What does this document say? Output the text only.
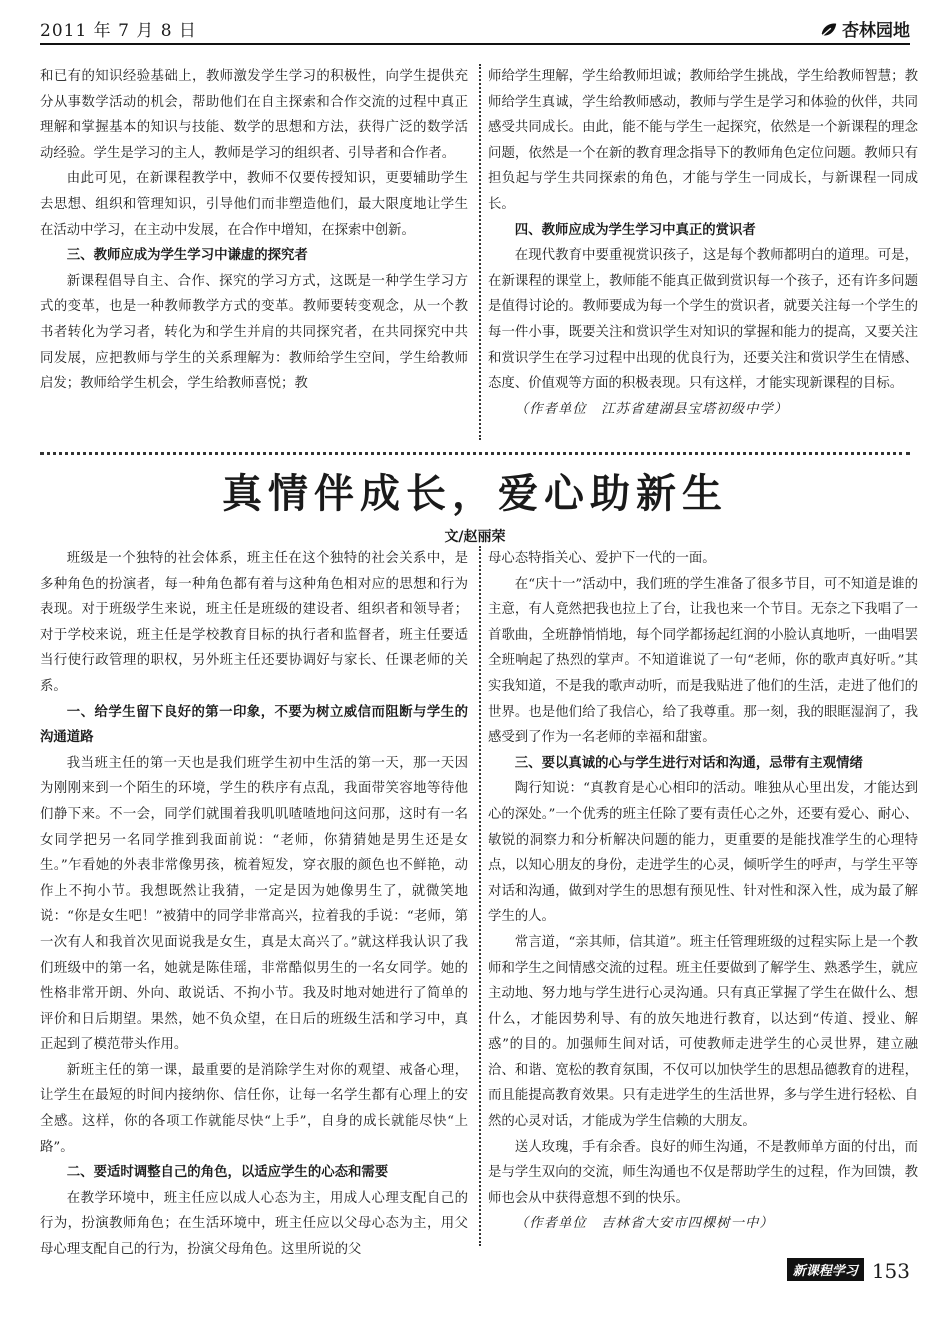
2011 年 7 月 8 日	杏林园地

和已有的知识经验基础上，教师激发学生学习的积极性，向学生提供充分从事数学活动的机会，帮助他们在自主探索和合作交流的过程中真正理解和掌握基本的知识与技能、数学的思想和方法，获得广泛的数学活动经验。学生是学习的主人，教师是学习的组织者、引导者和合作者。

由此可见，在新课程教学中，教师不仅要传授知识，更要辅助学生去思想、组织和管理知识，引导他们而非塑造他们，最大限度地让学生在活动中学习，在主动中发展，在合作中增知，在探索中创新。

三、教师应成为学生学习中谦虚的探究者

新课程倡导自主、合作、探究的学习方式，这既是一种学生学习方式的变革，也是一种教师教学方式的变革。教师要转变观念，从一个教书者转化为学习者，转化为和学生并肩的共同探究者，在共同探究中共同发展，应把教师与学生的关系理解为：教师给学生空间，学生给教师启发；教师给学生机会，学生给教师喜悦；教

师给学生理解，学生给教师坦诚；教师给学生挑战，学生给教师智慧；教师给学生真诚，学生给教师感动，教师与学生是学习和体验的伙伴，共同感受共同成长。由此，能不能与学生一起探究，依然是一个新课程的理念问题，依然是一个在新的教育理念指导下的教师角色定位问题。教师只有担负起与学生共同探索的角色，才能与学生一同成长，与新课程一同成长。

四、教师应成为学生学习中真正的赏识者

在现代教育中要重视赏识孩子，这是每个教师都明白的道理。可是，在新课程的课堂上，教师能不能真正做到赏识每一个孩子，还有许多问题是值得讨论的。教师要成为每一个学生的赏识者，就要关注每一个学生的每一件小事，既要关注和赏识学生对知识的掌握和能力的提高，又要关注和赏识学生在学习过程中出现的优良行为，还要关注和赏识学生在情感、态度、价值观等方面的积极表现。只有这样，才能实现新课程的目标。

（作者单位　江苏省建湖县宝塔初级中学）

真情伴成长，爱心助新生
文/赵丽荣

班级是一个独特的社会体系，班主任在这个独特的社会关系中，是多种角色的扮演者，每一种角色都有着与这种角色相对应的思想和行为表现。对于班级学生来说，班主任是班级的建设者、组织者和领导者；对于学校来说，班主任是学校教育目标的执行者和监督者，班主任要适当行使行政管理的职权，另外班主任还要协调好与家长、任课老师的关系。

一、给学生留下良好的第一印象，不要为树立威信而阻断与学生的沟通道路

我当班主任的第一天也是我们班学生初中生活的第一天，那一天因为刚刚来到一个陌生的环境，学生的秩序有点乱，我面带笑容地等待他们静下来。不一会，同学们就围着我叽叽喳喳地问这问那，这时有一名女同学把另一名同学推到我面前说：“老师，你猜猜她是男生还是女生。”乍看她的外表非常像男孩，梳着短发，穿衣服的颜色也不鲜艳，动作上不拘小节。我想既然让我猜，一定是因为她像男生了，就微笑地说：“你是女生吧！”被猜中的同学非常高兴，拉着我的手说：“老师，第一次有人和我首次见面说我是女生，真是太高兴了。”就这样我认识了我们班级中的第一名，她就是陈佳瑶，非常酷似男生的一名女同学。她的性格非常开朗、外向、敢说话、不拘小节。我及时地对她进行了简单的评价和日后期望。果然，她不负众望，在日后的班级生活和学习中，真正起到了模范带头作用。

新班主任的第一课，最重要的是消除学生对你的观望、戒备心理，让学生在最短的时间内接纳你、信任你，让每一名学生都有心理上的安全感。这样，你的各项工作就能尽快“上手”，自身的成长就能尽快“上路”。

二、要适时调整自己的角色，以适应学生的心态和需要

在教学环境中，班主任应以成人心态为主，用成人心理支配自己的行为，扮演教师角色；在生活环境中，班主任应以父母心态为主，用父母心理支配自己的行为，扮演父母角色。这里所说的父

母心态特指关心、爱护下一代的一面。

在“庆十一”活动中，我们班的学生准备了很多节目，可不知道是谁的主意，有人竟然把我也拉上了台，让我也来一个节目。无奈之下我唱了一首歌曲，全班静悄悄地，每个同学都扬起红润的小脸认真地听，一曲唱罢全班响起了热烈的掌声。不知道谁说了一句“老师，你的歌声真好听。”其实我知道，不是我的歌声动听，而是我贴进了他们的生活，走进了他们的世界。也是他们给了我信心，给了我尊重。那一刻，我的眼眶湿润了，我感受到了作为一名老师的幸福和甜蜜。

三、要以真诚的心与学生进行对话和沟通，忌带有主观情绪

陶行知说：“真教育是心心相印的活动。唯独从心里出发，才能达到心的深处。”一个优秀的班主任除了要有责任心之外，还要有爱心、耐心、敏锐的洞察力和分析解决问题的能力，更重要的是能找准学生的心理特点，以知心朋友的身份，走进学生的心灵，倾听学生的呼声，与学生平等对话和沟通，做到对学生的思想有预见性、针对性和深入性，成为最了解学生的人。

常言道，“亲其师，信其道”。班主任管理班级的过程实际上是一个教师和学生之间情感交流的过程。班主任要做到了解学生、熟悉学生，就应主动地、努力地与学生进行心灵沟通。只有真正掌握了学生在做什么、想什么，才能因势利导、有的放矢地进行教育，以达到“传道、授业、解惑”的目的。加强师生间对话，可使教师走进学生的心灵世界，建立融洽、和谐、宽松的教育氛围，不仅可以加快学生的思想品德教育的进程，而且能提高教育效果。只有走进学生的生活世界，多与学生进行轻松、自然的心灵对话，才能成为学生信赖的大朋友。

送人玫瑰，手有余香。良好的师生沟通，不是教师单方面的付出，而是与学生双向的交流，师生沟通也不仅是帮助学生的过程，作为回馈，教师也会从中获得意想不到的快乐。

（作者单位　吉林省大安市四棵树一中）

新课程学习 153
